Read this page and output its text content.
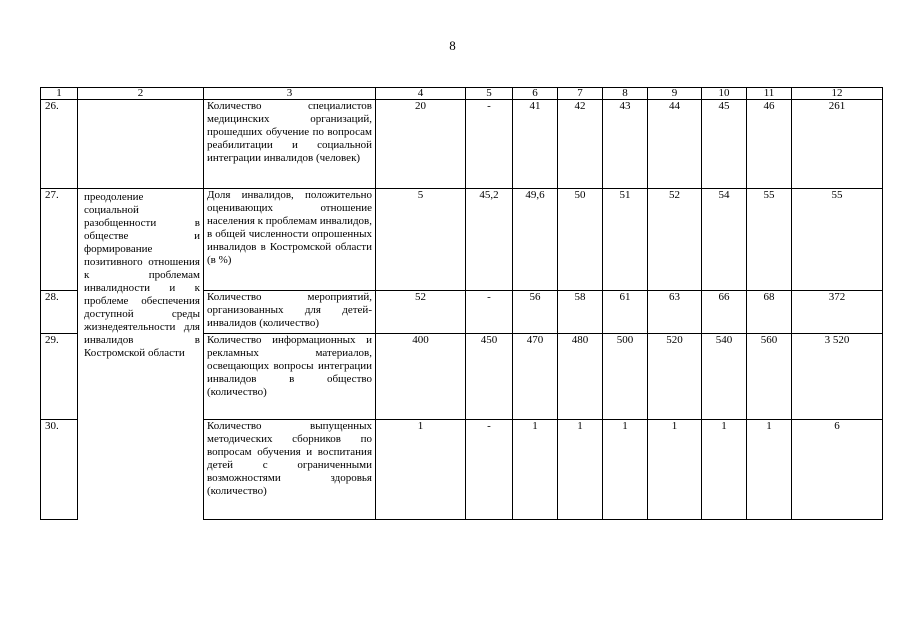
8
1	2	3	4	5	6	7	8	9	10	11	12
26.		Количество специалистов медицинских организаций, прошедших обучение по вопросам реабилитации и социальной интеграции инвалидов (человек)	20	-	41	42	43	44	45	46	261
27.	преодоление социальной разобщенности в обществе и формирование позитивного отношения к проблемам инвалидности и к проблеме обеспечения доступной среды жизнедеятельности для инвалидов в Костромской области	Доля инвалидов, положительно оценивающих отношение населения к проблемам инвалидов, в общей численности опрошенных инвалидов в Костромской области (в %)	5	45,2	49,6	50	51	52	54	55	55
28.		Количество мероприятий, организованных для детей-инвалидов (количество)	52	-	56	58	61	63	66	68	372
29.		Количество информационных и рекламных материалов, освещающих вопросы интеграции инвалидов в общество (количество)	400	450	470	480	500	520	540	560	3 520
30.		Количество выпущенных методических сборников по вопросам обучения и воспитания детей с ограниченными возможностями здоровья (количество)	1	-	1	1	1	1	1	1	6
